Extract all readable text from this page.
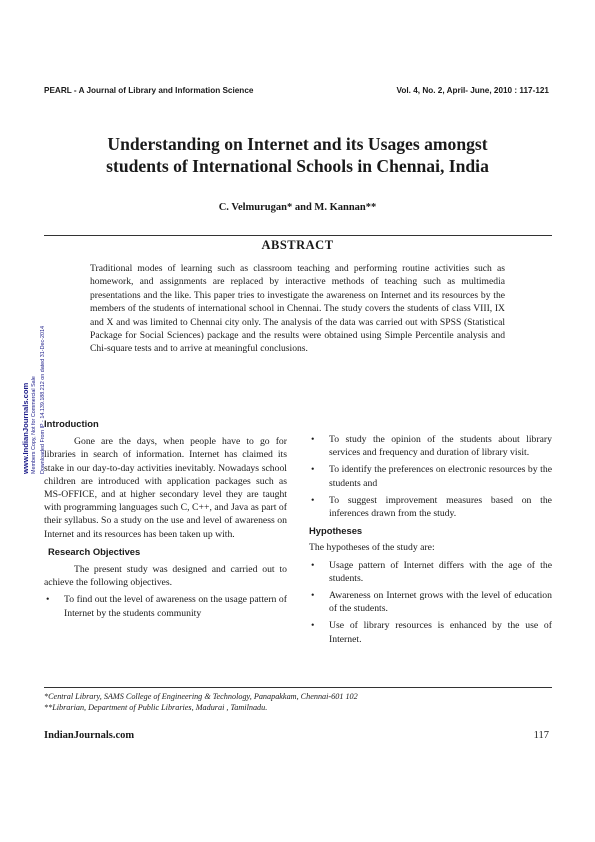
PEARL - A Journal of Library and Information Science	Vol. 4, No. 2, April- June, 2010 : 117-121
Understanding on Internet and its Usages amongst
students of International Schools in Chennai, India
C. Velmurugan* and M. Kannan**
ABSTRACT
Traditional modes of learning such as classroom teaching and performing routine activities such as homework, and assignments are replaced by interactive methods of teaching such as multimedia presentations and the like. This paper tries to investigate the awareness on Internet and its resources by the members of the students of international school in Chennai. The study covers the students of class VIII, IX and X and was limited to Chennai city only. The analysis of the data was carried out with SPSS (Statistical Package for Social Sciences) package and the results were obtained using Simple Percentile analysis and Chi-square tests and to arrive at meaningful conclusions.
www.IndianJournals.com Members Copy, Not for Commercial Sale Downloaded From IP - 14.139.188.212 on dated 31-Dec-2014

Introduction

Gone are the days, when people have to go for libraries in search of information. Internet has claimed its stake in our day-to-day activities inevitably. Nowadays school children are introduced with application packages such as MS-OFFICE, and at higher secondary level they are taught with programming languages such C, C++, and Java as part of their syllabus. So a study on the use and level of awareness on Internet and its resources has been taken up with.

Research Objectives

The present study was designed and carried out to achieve the following objectives.

• To find out the level of awareness on the usage pattern of Internet by the students community
• To study the opinion of the students about library services and frequency and duration of library visit.
• To identify the preferences on electronic resources by the students and
• To suggest improvement measures based on the inferences drawn from the study.

Hypotheses

The hypotheses of the study are:

• Usage pattern of Internet differs with the age of the students.
• Awareness on Internet grows with the level of education of the students.
• Use of library resources is enhanced by the use of Internet.
*Central Library, SAMS College of Engineering & Technology, Panapakkam, Chennai-601 102
**Librarian, Department of Public Libraries, Madurai , Tamilnadu.
IndianJournals.com	117
